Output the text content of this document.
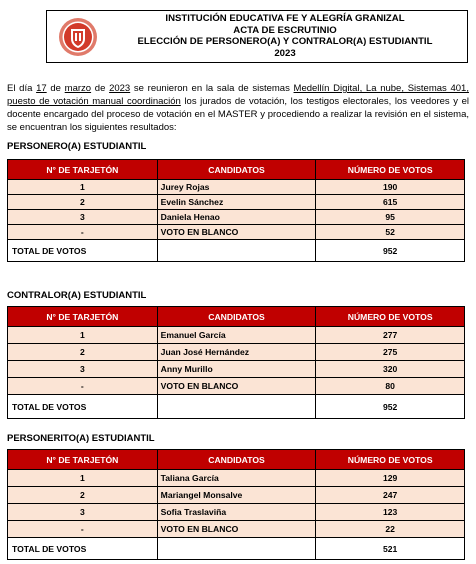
INSTITUCIÓN EDUCATIVA FE Y ALEGRÍA GRANIZAL
ACTA DE ESCRUTINIO
ELECCIÓN DE PERSONERO(A) Y CONTRALOR(A) ESTUDIANTIL
2023
El día 17 de marzo de 2023 se reunieron en la sala de sistemas Medellín Digital, La nube, Sistemas 401, puesto de votación manual coordinación los jurados de votación, los testigos electorales, los veedores y el docente encargado del proceso de votación en el MASTER y procediendo a realizar la revisión en el sistema, se encuentran los siguientes resultados:
PERSONERO(A) ESTUDIANTIL
N° DE TARJETÓN	CANDIDATOS	NÚMERO DE VOTOS
1	Jurey Rojas	190
2	Evelin Sánchez	615
3	Daniela Henao	95
-	VOTO EN BLANCO	52
TOTAL DE VOTOS		952
CONTRALOR(A) ESTUDIANTIL
N° DE TARJETÓN	CANDIDATOS	NÚMERO DE VOTOS
1	Emanuel García	277
2	Juan José Hernández	275
3	Anny Murillo	320
-	VOTO EN BLANCO	80
TOTAL DE VOTOS		952
PERSONERITO(A) ESTUDIANTIL
N° DE TARJETÓN	CANDIDATOS	NÚMERO DE VOTOS
1	Taliana García	129
2	Mariangel Monsalve	247
3	Sofia Traslaviña	123
-	VOTO EN BLANCO	22
TOTAL DE VOTOS		521
